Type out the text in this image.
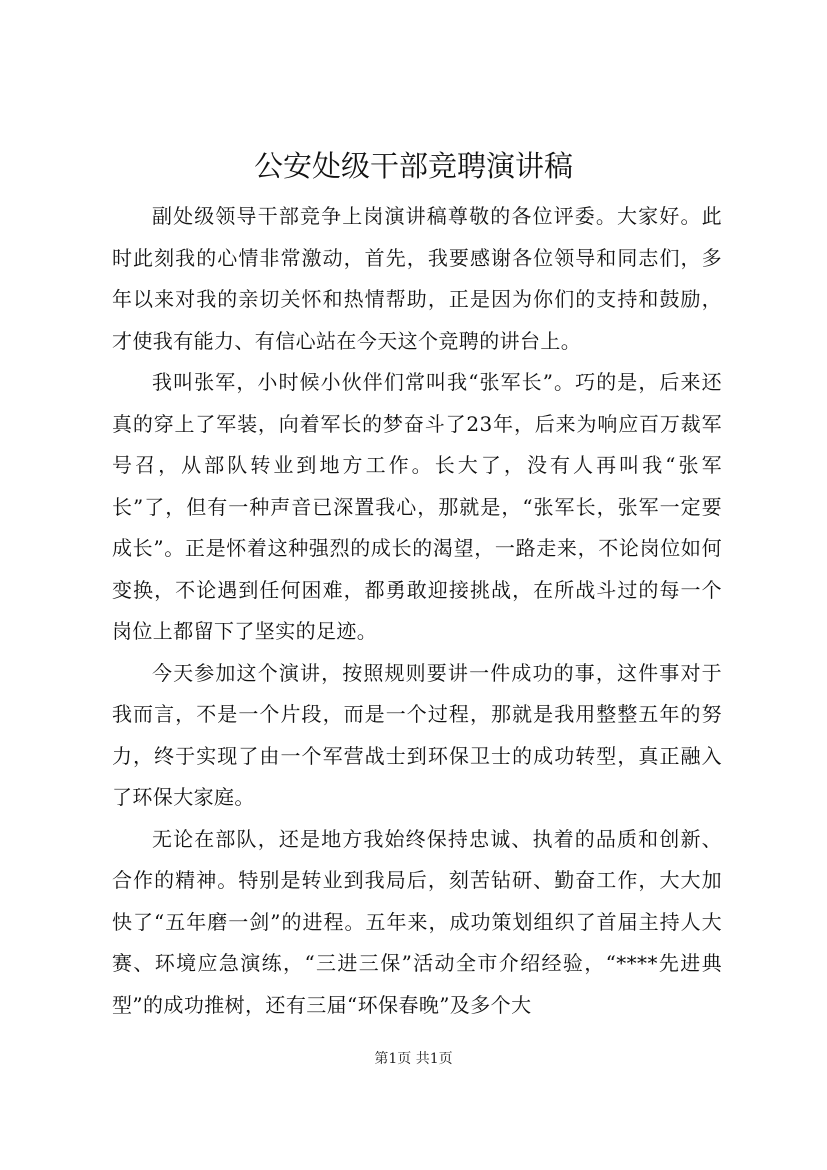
公安处级干部竞聘演讲稿

副处级领导干部竞争上岗演讲稿尊敬的各位评委。大家好。此时此刻我的心情非常激动，首先，我要感谢各位领导和同志们，多年以来对我的亲切关怀和热情帮助，正是因为你们的支持和鼓励，才使我有能力、有信心站在今天这个竞聘的讲台上。

我叫张军，小时候小伙伴们常叫我“张军长”。巧的是，后来还真的穿上了军装，向着军长的梦奋斗了23年，后来为响应百万裁军号召，从部队转业到地方工作。长大了，没有人再叫我“张军长”了，但有一种声音已深置我心，那就是，“张军长，张军一定要成长”。正是怀着这种强烈的成长的渴望，一路走来，不论岗位如何变换，不论遇到任何困难，都勇敢迎接挑战，在所战斗过的每一个岗位上都留下了坚实的足迹。

今天参加这个演讲，按照规则要讲一件成功的事，这件事对于我而言，不是一个片段，而是一个过程，那就是我用整整五年的努力，终于实现了由一个军营战士到环保卫士的成功转型，真正融入了环保大家庭。

无论在部队，还是地方我始终保持忠诚、执着的品质和创新、合作的精神。特别是转业到我局后，刻苦钻研、勤奋工作，大大加快了“五年磨一剑”的进程。五年来，成功策划组织了首届主持人大赛、环境应急演练，“三进三保”活动全市介绍经验，“****先进典型”的成功推树，还有三届“环保春晚”及多个大

第1页 共1页
